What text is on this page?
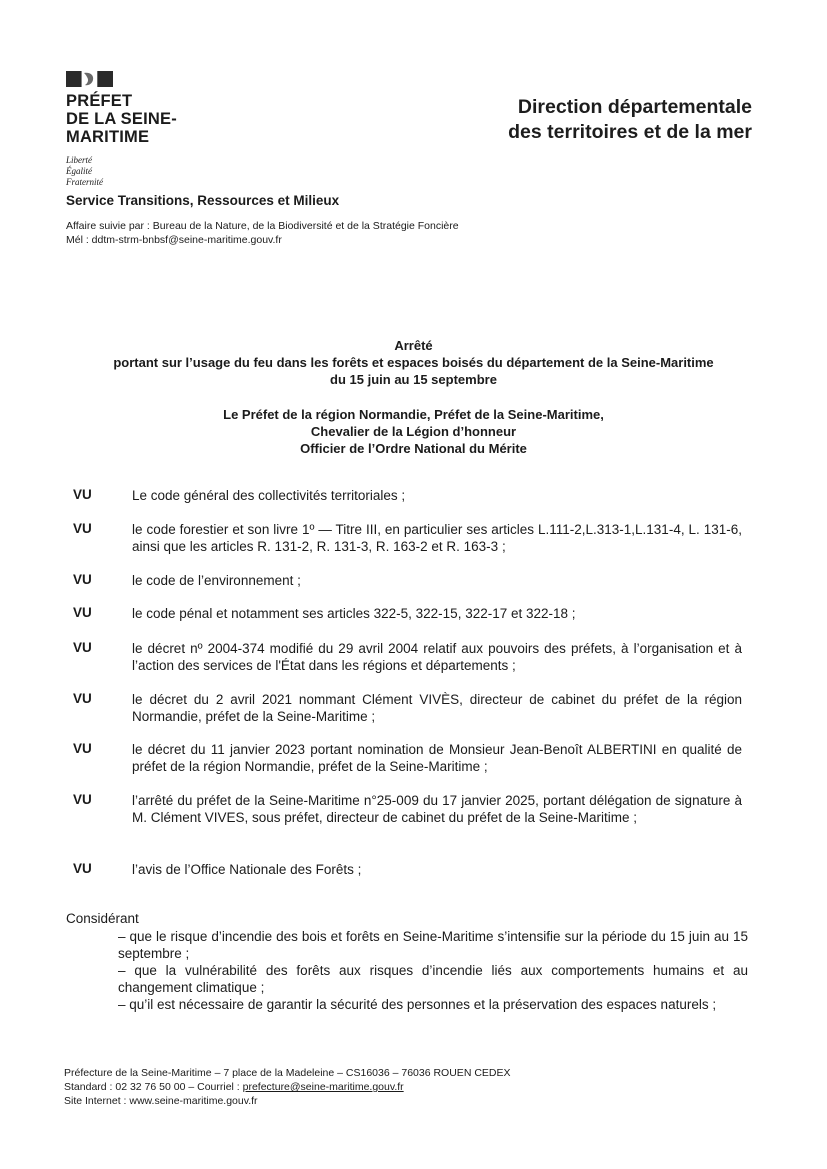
PRÉFET
DE LA SEINE-
MARITIME
Liberté
Égalité
Fraternité
Direction départementale
des territoires et de la mer
Service Transitions, Ressources et Milieux
Affaire suivie par : Bureau de la Nature, de la Biodiversité et de la Stratégie Foncière
Mél : ddtm-strm-bnbsf@seine-maritime.gouv.fr
Arrêté
portant sur l’usage du feu dans les forêts et espaces boisés du département de la Seine-Maritime
du 15 juin au 15 septembre
Le Préfet de la région Normandie, Préfet de la Seine-Maritime,
Chevalier de la Légion d’honneur
Officier de l’Ordre National du Mérite
VU	Le code général des collectivités territoriales ;
VU	le code forestier et son livre 1º — Titre III, en particulier ses articles L.111-2,L.313-1,L.131-4, L. 131-6, ainsi que les articles R. 131-2, R. 131-3, R. 163-2 et R. 163-3 ;
VU	le code de l’environnement ;
VU	le code pénal et notamment ses articles 322-5, 322-15, 322-17 et 322-18 ;
VU	le décret nº 2004-374 modifié du 29 avril 2004 relatif aux pouvoirs des préfets, à l’organisation et à l’action des services de l'État dans les régions et départements ;
VU	le décret du 2 avril 2021 nommant Clément VIVÈS, directeur de cabinet du préfet de la région Normandie, préfet de la Seine-Maritime ;
VU	le décret du 11 janvier 2023 portant nomination de Monsieur Jean-Benoît ALBERTINI en qualité de préfet de la région Normandie, préfet de la Seine-Maritime ;
VU	l’arrêté du préfet de la Seine-Maritime n°25-009 du 17 janvier 2025, portant délégation de signature à M. Clément VIVES, sous préfet, directeur de cabinet du préfet de la Seine-Maritime ;
VU	l’avis de l’Office Nationale des Forêts ;
Considérant
– que le risque d’incendie des bois et forêts en Seine-Maritime s’intensifie sur la période du 15 juin au 15 septembre ;
– que la vulnérabilité des forêts aux risques d’incendie liés aux comportements humains et au changement climatique ;
– qu’il est nécessaire de garantir la sécurité des personnes et la préservation des espaces naturels ;
Préfecture de la Seine-Maritime – 7 place de la Madeleine – CS16036 – 76036 ROUEN CEDEX
Standard : 02 32 76 50 00 – Courriel : prefecture@seine-maritime.gouv.fr
Site Internet : www.seine-maritime.gouv.fr
